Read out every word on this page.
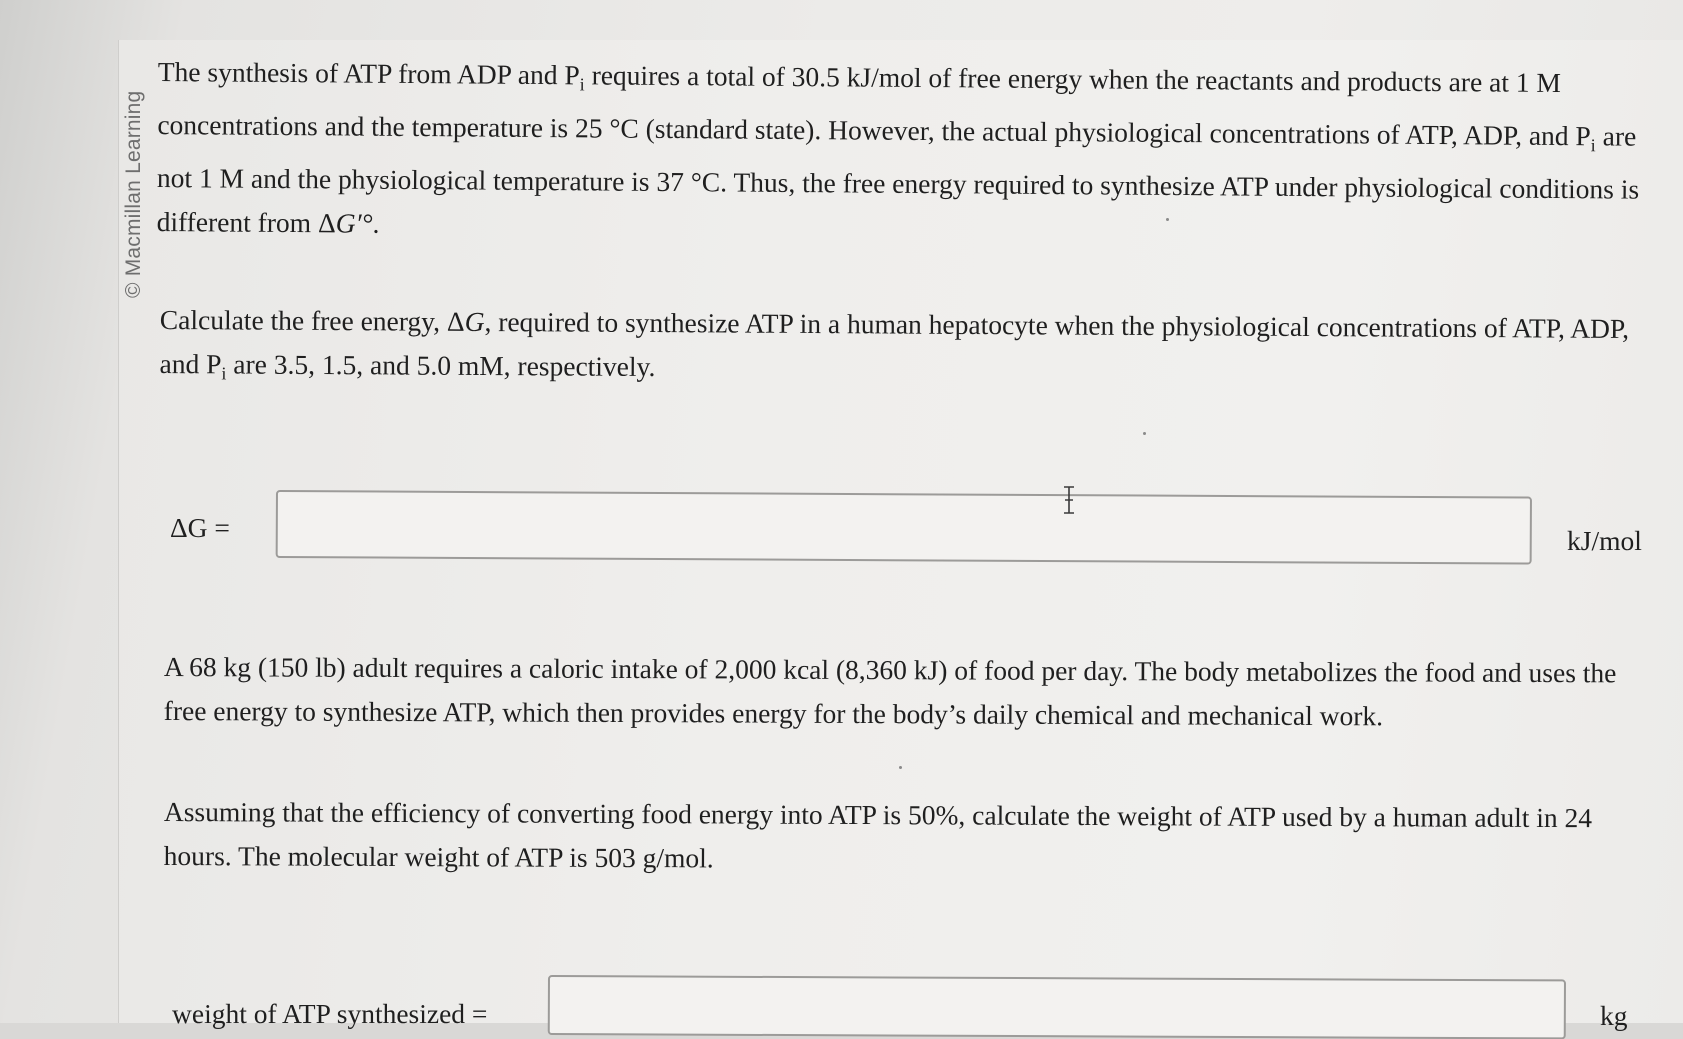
© Macmillan Learning

The synthesis of ATP from ADP and $P_i$ requires a total of 30.5 kJ/mol of free energy when the reactants and products are at 1 M concentrations and the temperature is 25 °C (standard state). However, the actual physiological concentrations of ATP, ADP, and $P_i$ are not 1 M and the physiological temperature is 37 °C. Thus, the free energy required to synthesize ATP under physiological conditions is different from ΔG′°.

Calculate the free energy, ΔG, required to synthesize ATP in a human hepatocyte when the physiological concentrations of ATP, ADP, and $P_i$ are 3.5, 1.5, and 5.0 mM, respectively.

ΔG =	kJ/mol

A 68 kg (150 lb) adult requires a caloric intake of 2,000 kcal (8,360 kJ) of food per day. The body metabolizes the food and uses the free energy to synthesize ATP, which then provides energy for the body’s daily chemical and mechanical work.

Assuming that the efficiency of converting food energy into ATP is 50%, calculate the weight of ATP used by a human adult in 24 hours. The molecular weight of ATP is 503 g/mol.

weight of ATP synthesized =	kg
